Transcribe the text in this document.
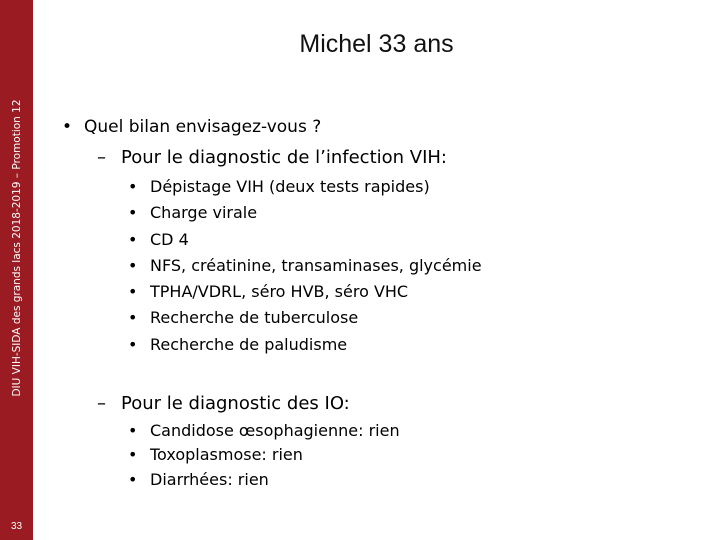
DIU VIH-SIDA des grands lacs 2018-2019 – Promotion 12
33
Michel 33 ans
• Quel bilan envisagez-vous ?
– Pour le diagnostic de l’infection VIH:
• Dépistage VIH (deux tests rapides)
• Charge virale
• CD 4
• NFS, créatinine, transaminases, glycémie
• TPHA/VDRL, séro HVB, séro VHC
• Recherche de tuberculose
• Recherche de paludisme
– Pour le diagnostic des IO:
• Candidose œsophagienne: rien
• Toxoplasmose: rien
• Diarrhées: rien
